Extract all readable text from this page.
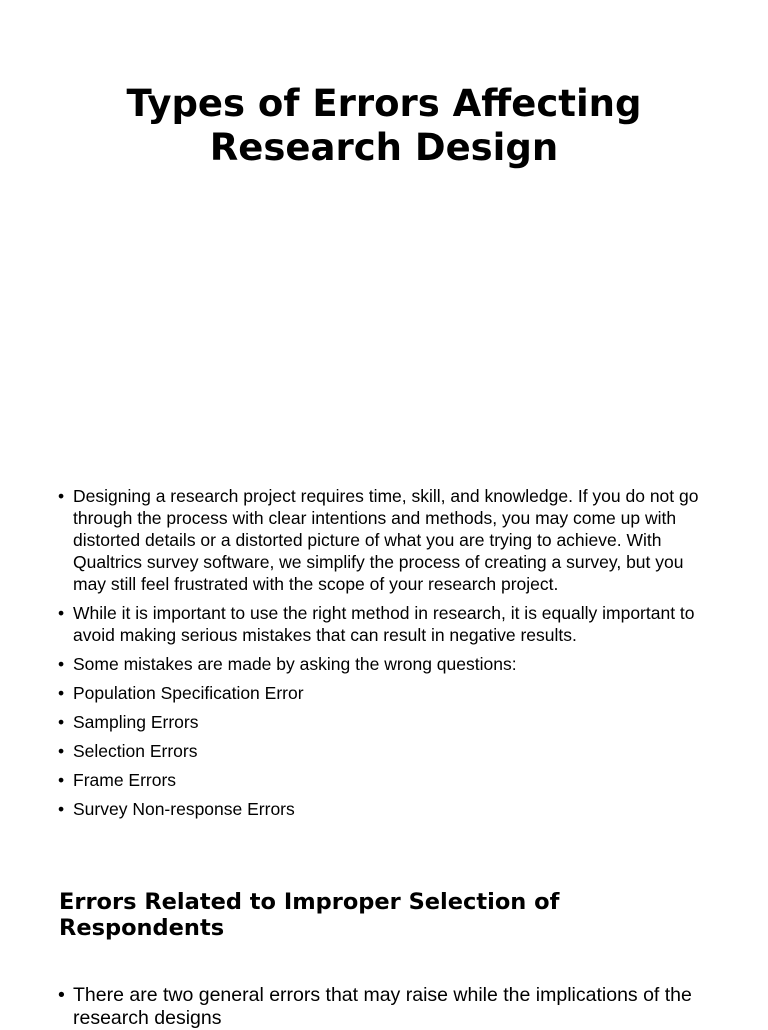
Types of Errors Affecting
Research Design
• Designing a research project requires time, skill, and knowledge. If you do not go through the process with clear intentions and methods, you may come up with distorted details or a distorted picture of what you are trying to achieve. With Qualtrics survey software, we simplify the process of creating a survey, but you may still feel frustrated with the scope of your research project.
• While it is important to use the right method in research, it is equally important to avoid making serious mistakes that can result in negative results.
• Some mistakes are made by asking the wrong questions:
• Population Specification Error
• Sampling Errors
• Selection Errors
• Frame Errors
• Survey Non-response Errors
Errors Related to Improper Selection of Respondents
• There are two general errors that may raise while the implications of the research designs
